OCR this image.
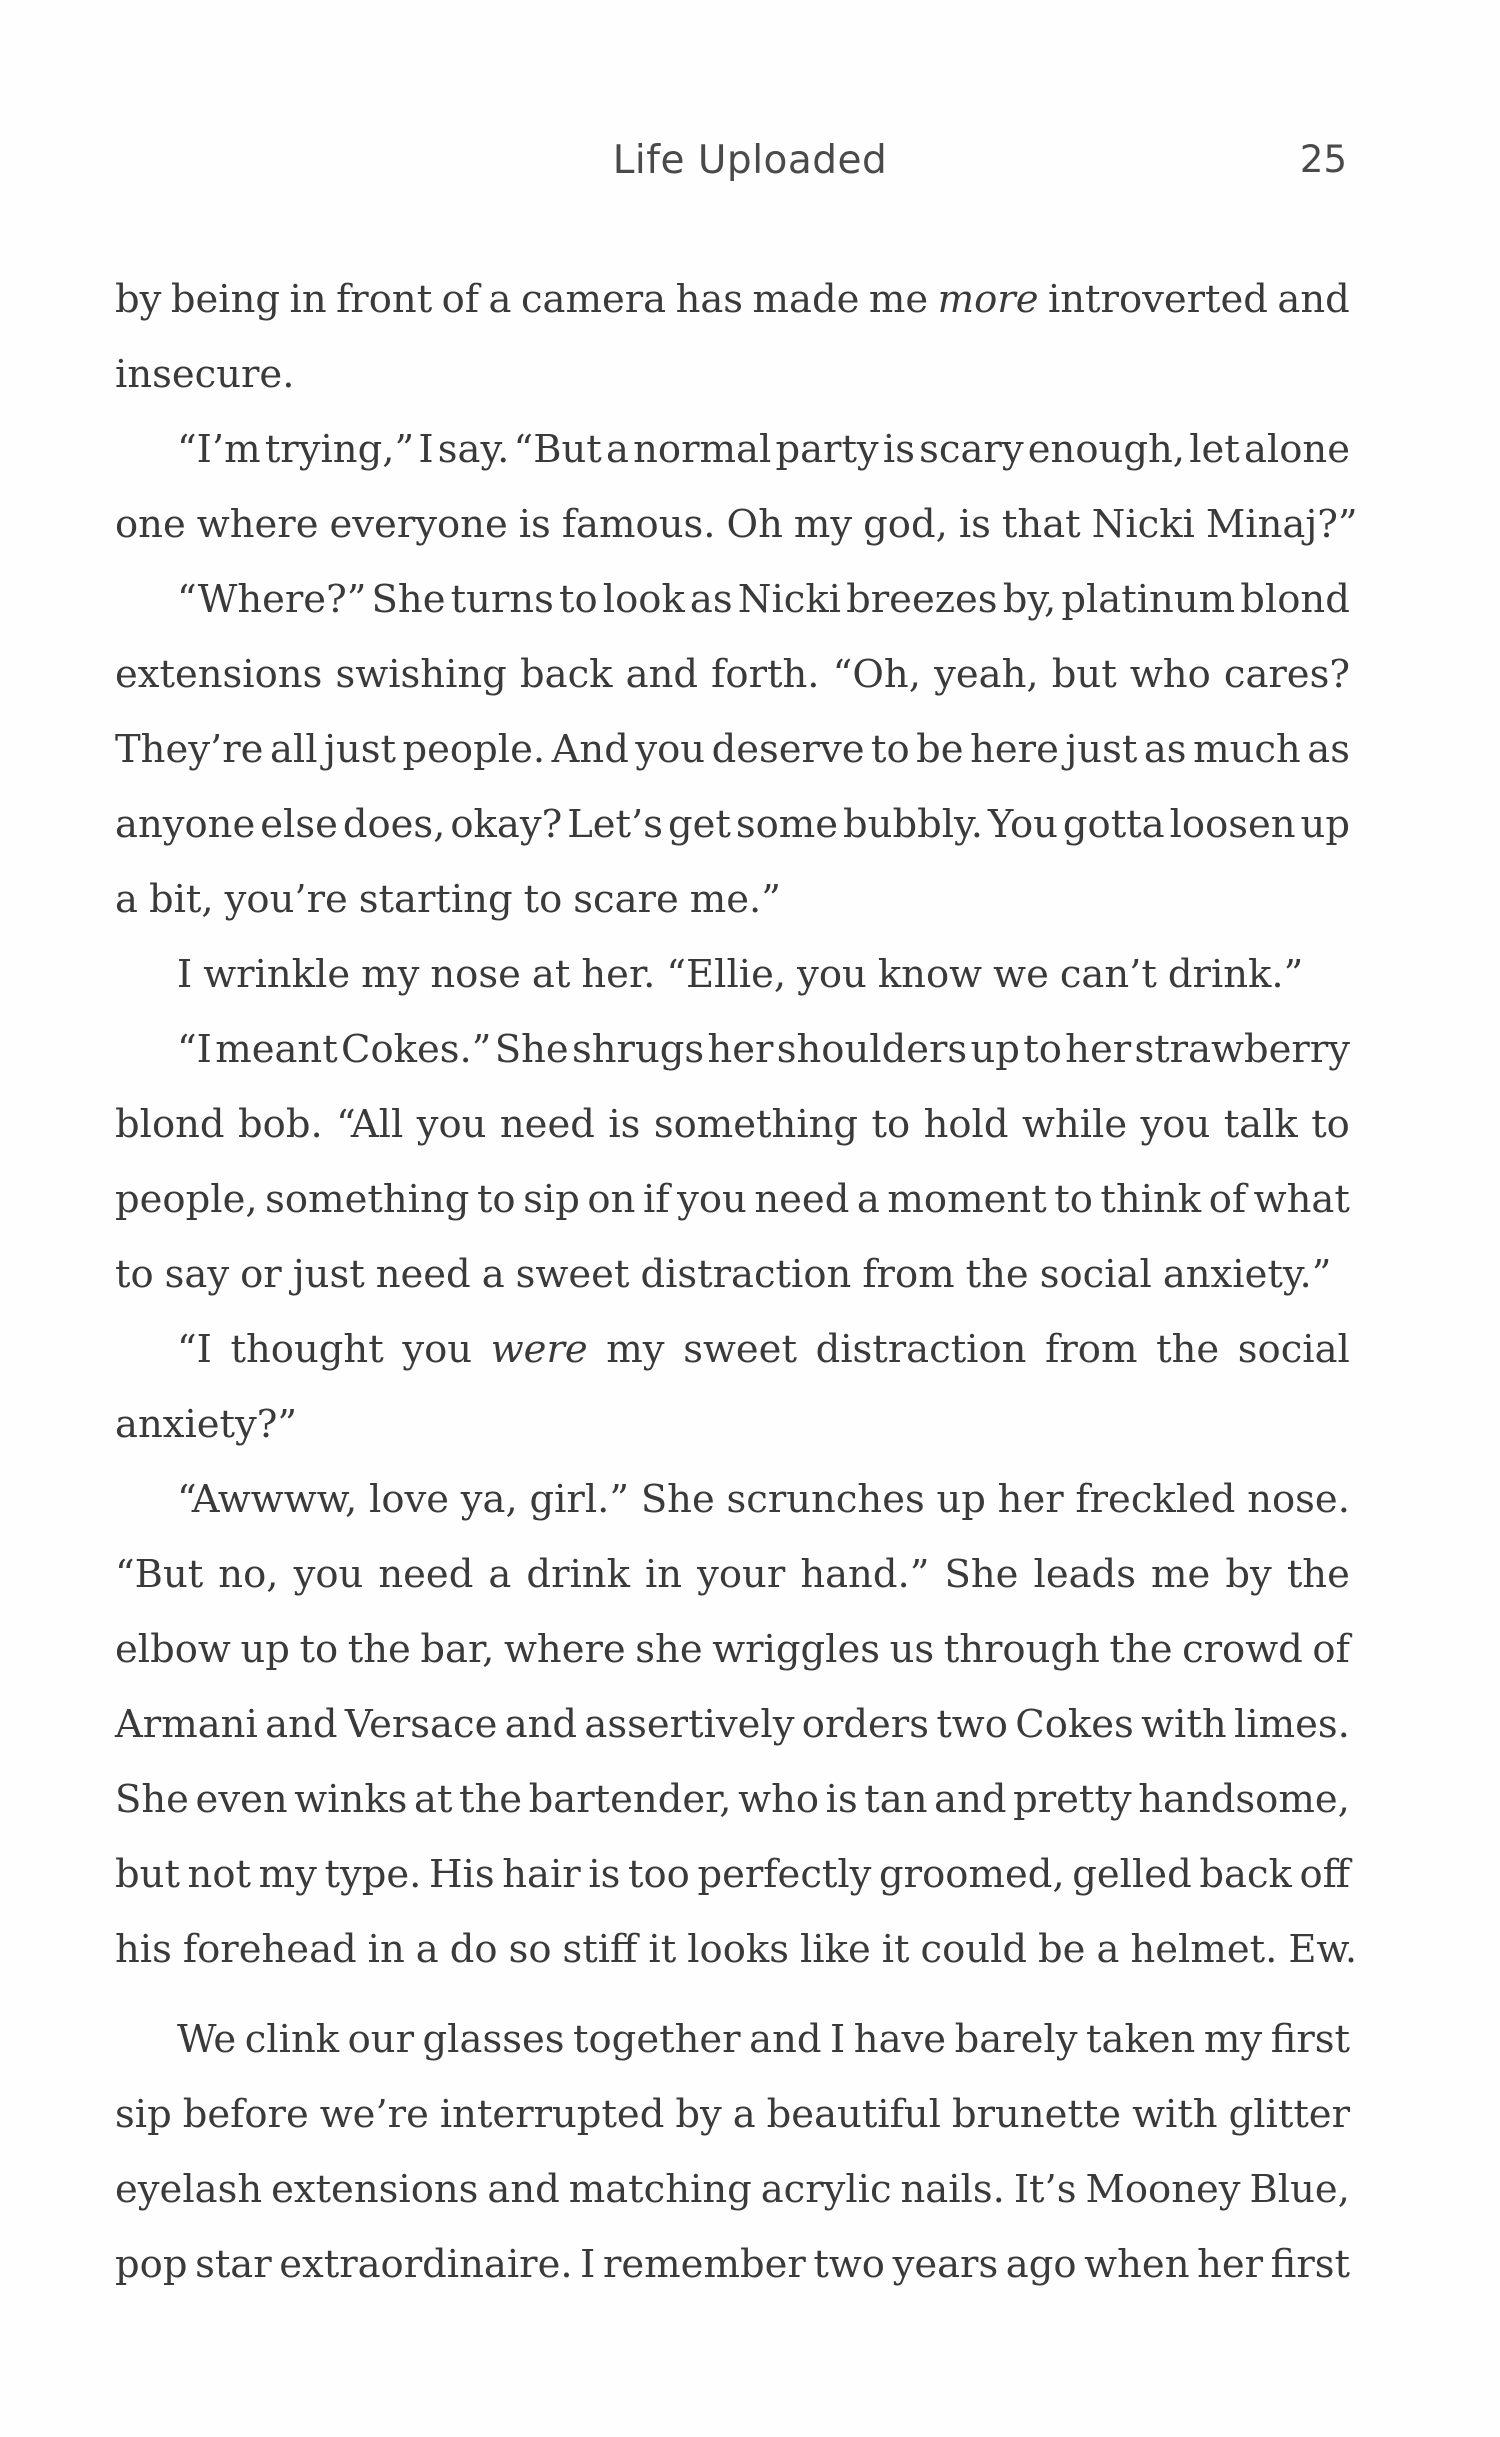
Life Uploaded	25
by being in front of a camera has made me more introverted and
insecure.
“I’m trying,” I say. “But a normal party is scary enough, let alone
one where everyone is famous. Oh my god, is that Nicki Minaj?”
“Where?” She turns to look as Nicki breezes by, platinum blond
extensions swishing back and forth. “Oh, yeah, but who cares?
They’re all just people. And you deserve to be here just as much as
anyone else does, okay? Let’s get some bubbly. You gotta loosen up
a bit, you’re starting to scare me.”
I wrinkle my nose at her. “Ellie, you know we can’t drink.”
“I meant Cokes.” She shrugs her shoulders up to her strawberry
blond bob. “All you need is something to hold while you talk to
people, something to sip on if you need a moment to think of what
to say or just need a sweet distraction from the social anxiety.”
“I thought you were my sweet distraction from the social
anxiety?”
“Awwww, love ya, girl.” She scrunches up her freckled nose.
“But no, you need a drink in your hand.” She leads me by the
elbow up to the bar, where she wriggles us through the crowd of
Armani and Versace and assertively orders two Cokes with limes.
She even winks at the bartender, who is tan and pretty handsome,
but not my type. His hair is too perfectly groomed, gelled back off
his forehead in a do so stiff it looks like it could be a helmet. Ew.
We clink our glasses together and I have barely taken my first
sip before we’re interrupted by a beautiful brunette with glitter
eyelash extensions and matching acrylic nails. It’s Mooney Blue,
pop star extraordinaire. I remember two years ago when her first
